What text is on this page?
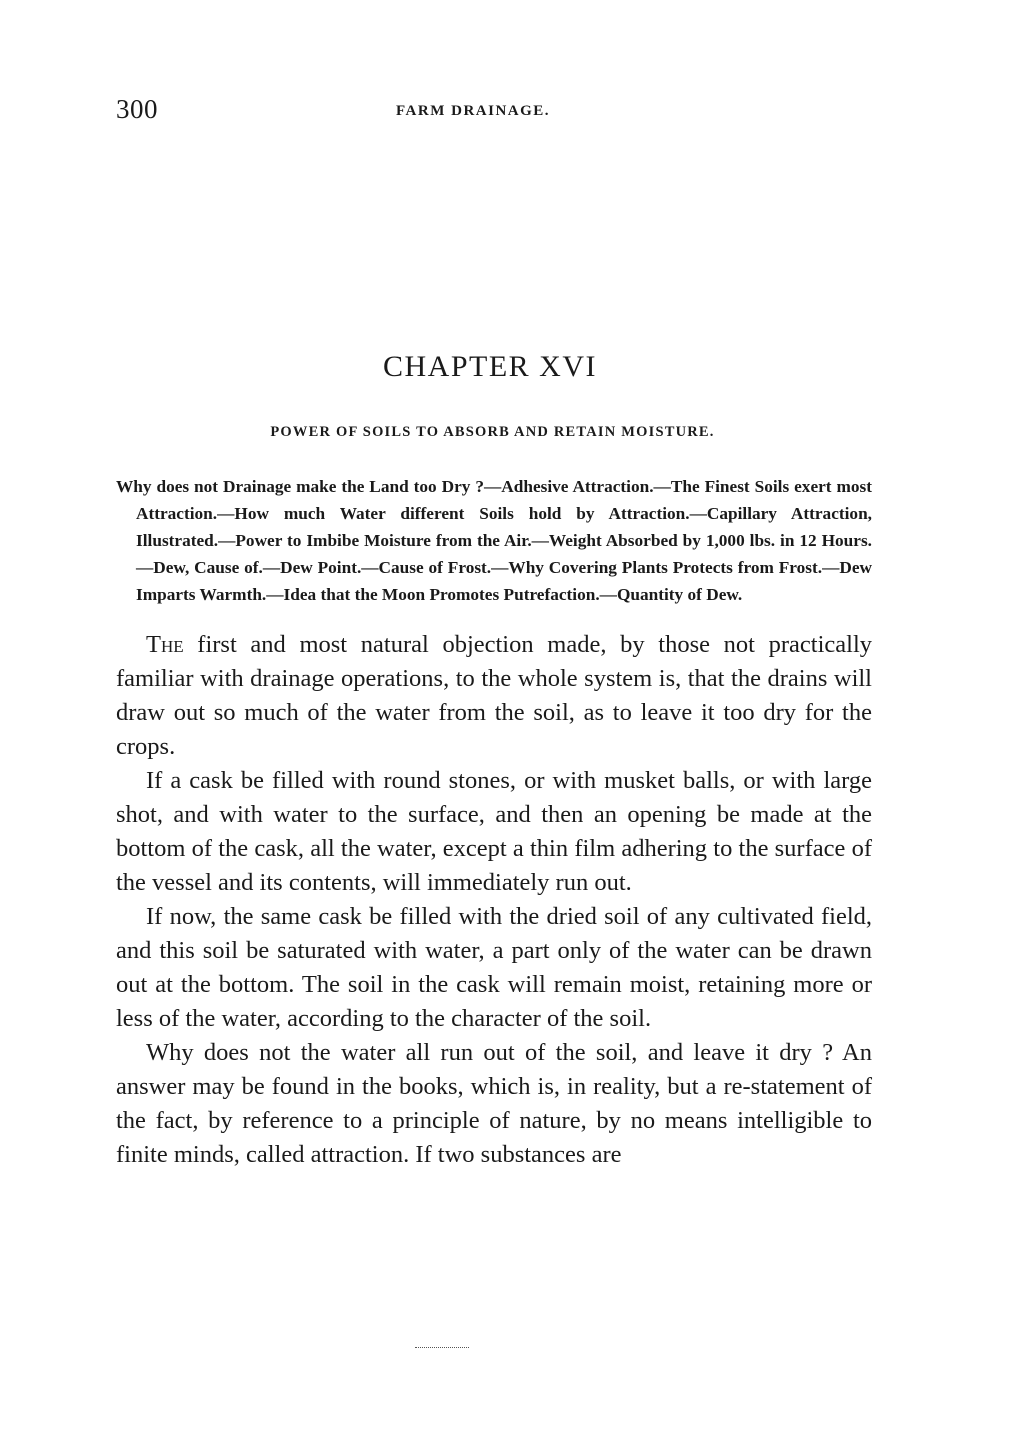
300	FARM DRAINAGE.
CHAPTER XVI
POWER OF SOILS TO ABSORB AND RETAIN MOISTURE.
Why does not Drainage make the Land too Dry ?—Adhesive Attraction.—The Finest Soils exert most Attraction.—How much Water different Soils hold by Attraction.—Capillary Attraction, Illustrated.—Power to Imbibe Moisture from the Air.—Weight Absorbed by 1,000 lbs. in 12 Hours.—Dew, Cause of.—Dew Point.—Cause of Frost.—Why Covering Plants Protects from Frost.—Dew Imparts Warmth.—Idea that the Moon Promotes Putrefaction.—Quantity of Dew.

The first and most natural objection made, by those not practically familiar with drainage operations, to the whole system is, that the drains will draw out so much of the water from the soil, as to leave it too dry for the crops.

If a cask be filled with round stones, or with musket balls, or with large shot, and with water to the surface, and then an opening be made at the bottom of the cask, all the water, except a thin film adhering to the surface of the vessel and its contents, will immediately run out.

If now, the same cask be filled with the dried soil of any cultivated field, and this soil be saturated with water, a part only of the water can be drawn out at the bottom. The soil in the cask will remain moist, retaining more or less of the water, according to the character of the soil.

Why does not the water all run out of the soil, and leave it dry ? An answer may be found in the books, which is, in reality, but a re-statement of the fact, by reference to a principle of nature, by no means intelligible to finite minds, called attraction. If two substances are
